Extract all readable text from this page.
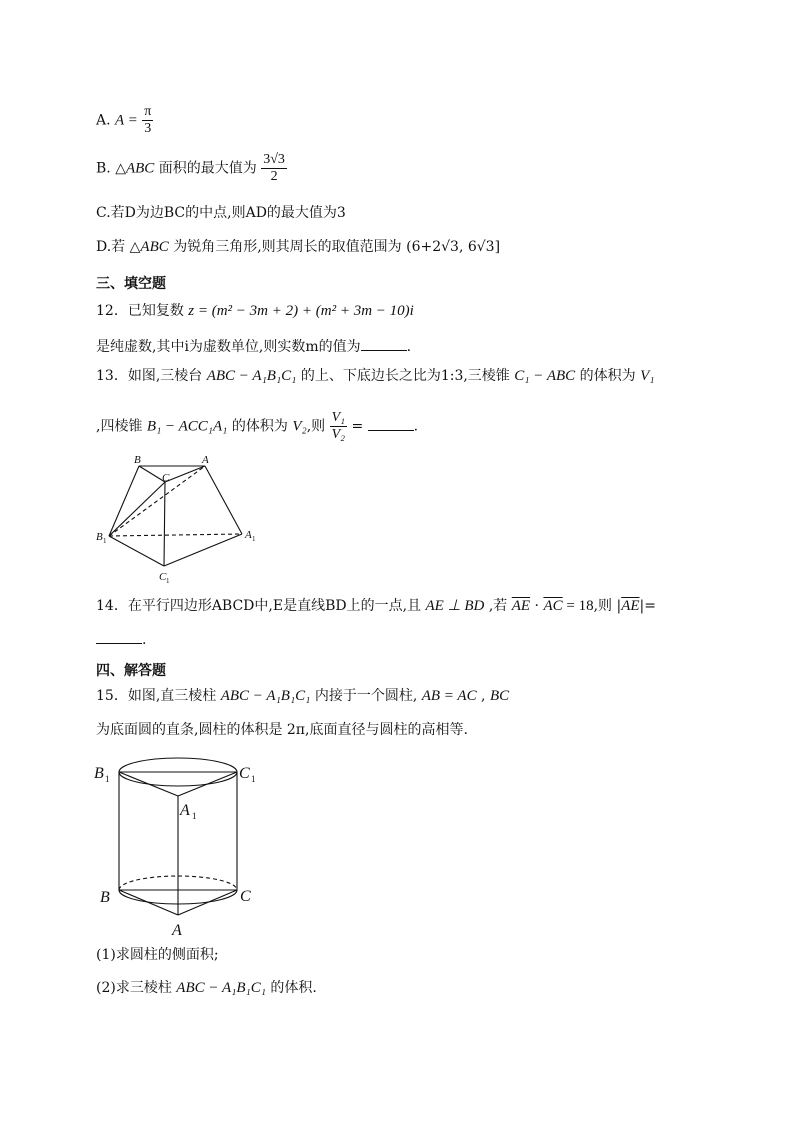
A. $A = \frac{\pi}{3}$
B. △ABC 面积的最大值为 $\frac{3√3}{2}$
C.若D为边BC的中点,则AD的最大值为3
D.若 △ABC 为锐角三角形,则其周长的取值范围为 (6+2√3, 6√3]
三、填空题
12．已知复数 z = (m² − 3m + 2) + (m² + 3m − 10)i
是纯虚数,其中i为虚数单位,则实数m的值为	.
13．如图,三棱台 ABC − A₁B₁C₁ 的上、下底边长之比为1:3,三棱锥 C₁ − ABC 的体积为 V₁
,四棱锥 B₁ − ACC₁A₁ 的体积为 V₂,则 $\frac{\text{V₁}}{\text{V₂}}$ =	.
B	A
C
B 1	A 1
C 1
14．在平行四边形ABCD中,E是直线BD上的一点,且 AE ⊥ BD ,若 $\overline{AE} \cdot \overline{AC} = 18$,则 $|\overline{AE}|=$
.
四、解答题
15．如图,直三棱柱 ABC − A₁B₁C₁ 内接于一个圆柱, AB = AC , BC
为底面圆的直条,圆柱的体积是 2π,底面直径与圆柱的高相等.
B 1	C 1
A 1
B	C
A
(1)求圆柱的侧面积;
(2)求三棱柱 ABC − A₁B₁C₁ 的体积.
